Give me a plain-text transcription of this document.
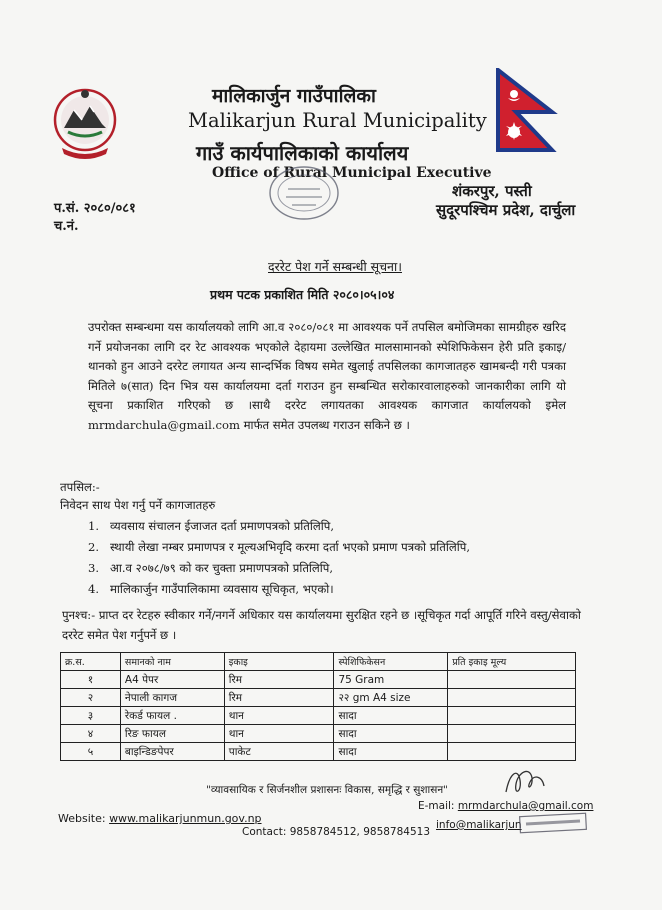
मालिकार्जुन गाउँपालिका
Malikarjun Rural Municipality
गाउँ कार्यपालिकाको कार्यालय
Office of Rural Municipal Executive
प.सं. २०८०/०८१
च.नं.
शंकरपुर, पस्ती
सुदूरपश्चिम प्रदेश, दार्चुला
दररेट पेश गर्ने सम्बन्धी सूचना।
प्रथम पटक प्रकाशित मिति २०८०।०५।०४
उपरोक्त सम्बन्धमा यस कार्यालयको लागि आ.व २०८०/०८१ मा आवश्यक पर्ने तपसिल बमोजिमका सामग्रीहरु खरिद गर्ने प्रयोजनका लागि दर रेट आवश्यक भएकोले देहायमा उल्लेखित मालसामानको स्पेशिफिकेसन हेरी प्रति इकाइ/थानको हुन आउने दररेट लगायत अन्य सान्दर्भिक विषय समेत खुलाई तपसिलका कागजातहरु खामबन्दी गरी पत्रका मितिले ७(सात) दिन भित्र यस कार्यालयमा दर्ता गराउन हुन सम्बन्धित सरोकारवालाहरुको जानकारीका लागि यो सूचना प्रकाशित गरिएको छ ।साथै दररेट लगायतका आवश्यक कागजात कार्यालयको इमेल mrmdarchula@gmail.com मार्फत समेत उपलब्ध गराउन सकिने छ ।
तपसिल:-
निवेदन साथ पेश गर्नु पर्ने कागजातहरु
1. व्यवसाय संचालन ईजाजत दर्ता प्रमाणपत्रको प्रतिलिपि,
2. स्थायी लेखा नम्बर प्रमाणपत्र र मूल्यअभिवृदि करमा दर्ता भएको प्रमाण पत्रको प्रतिलिपि,
3. आ.व २०७८/७९ को कर चुक्ता प्रमाणपत्रको प्रतिलिपि,
4. मालिकार्जुन गाउँपालिकामा व्यवसाय सूचिकृत, भएको।
पुनश्च:- प्राप्त दर रेटहरु स्वीकार गर्ने/नगर्ने अधिकार यस कार्यालयमा सुरक्षित रहने छ ।सूचिकृत गर्दा आपूर्ति गरिने वस्तु/सेवाको दररेट समेत पेश गर्नुपर्ने छ ।
क्र.स.	समानको नाम	इकाइ	स्पेशिफिकेसन	प्रति इकाइ मूल्य
१	A4 पेपर	रिम	75 Gram	
२	नेपाली कागज	रिम	२२ gm A4 size	
३	रेकर्ड फायल .	थान	सादा	
४	रिङ फायल	थान	सादा	
५	बाइन्डिङपेपर	पाकेट	सादा	
"व्यावसायिक र सिर्जनशील प्रशासनः विकास, समृद्धि र सुशासन"
E-mail: mrmdarchula@gmail.com
Website: www.malikarjunmun.gov.np
Contact: 9858784512, 9858784513
info@malikarjun
